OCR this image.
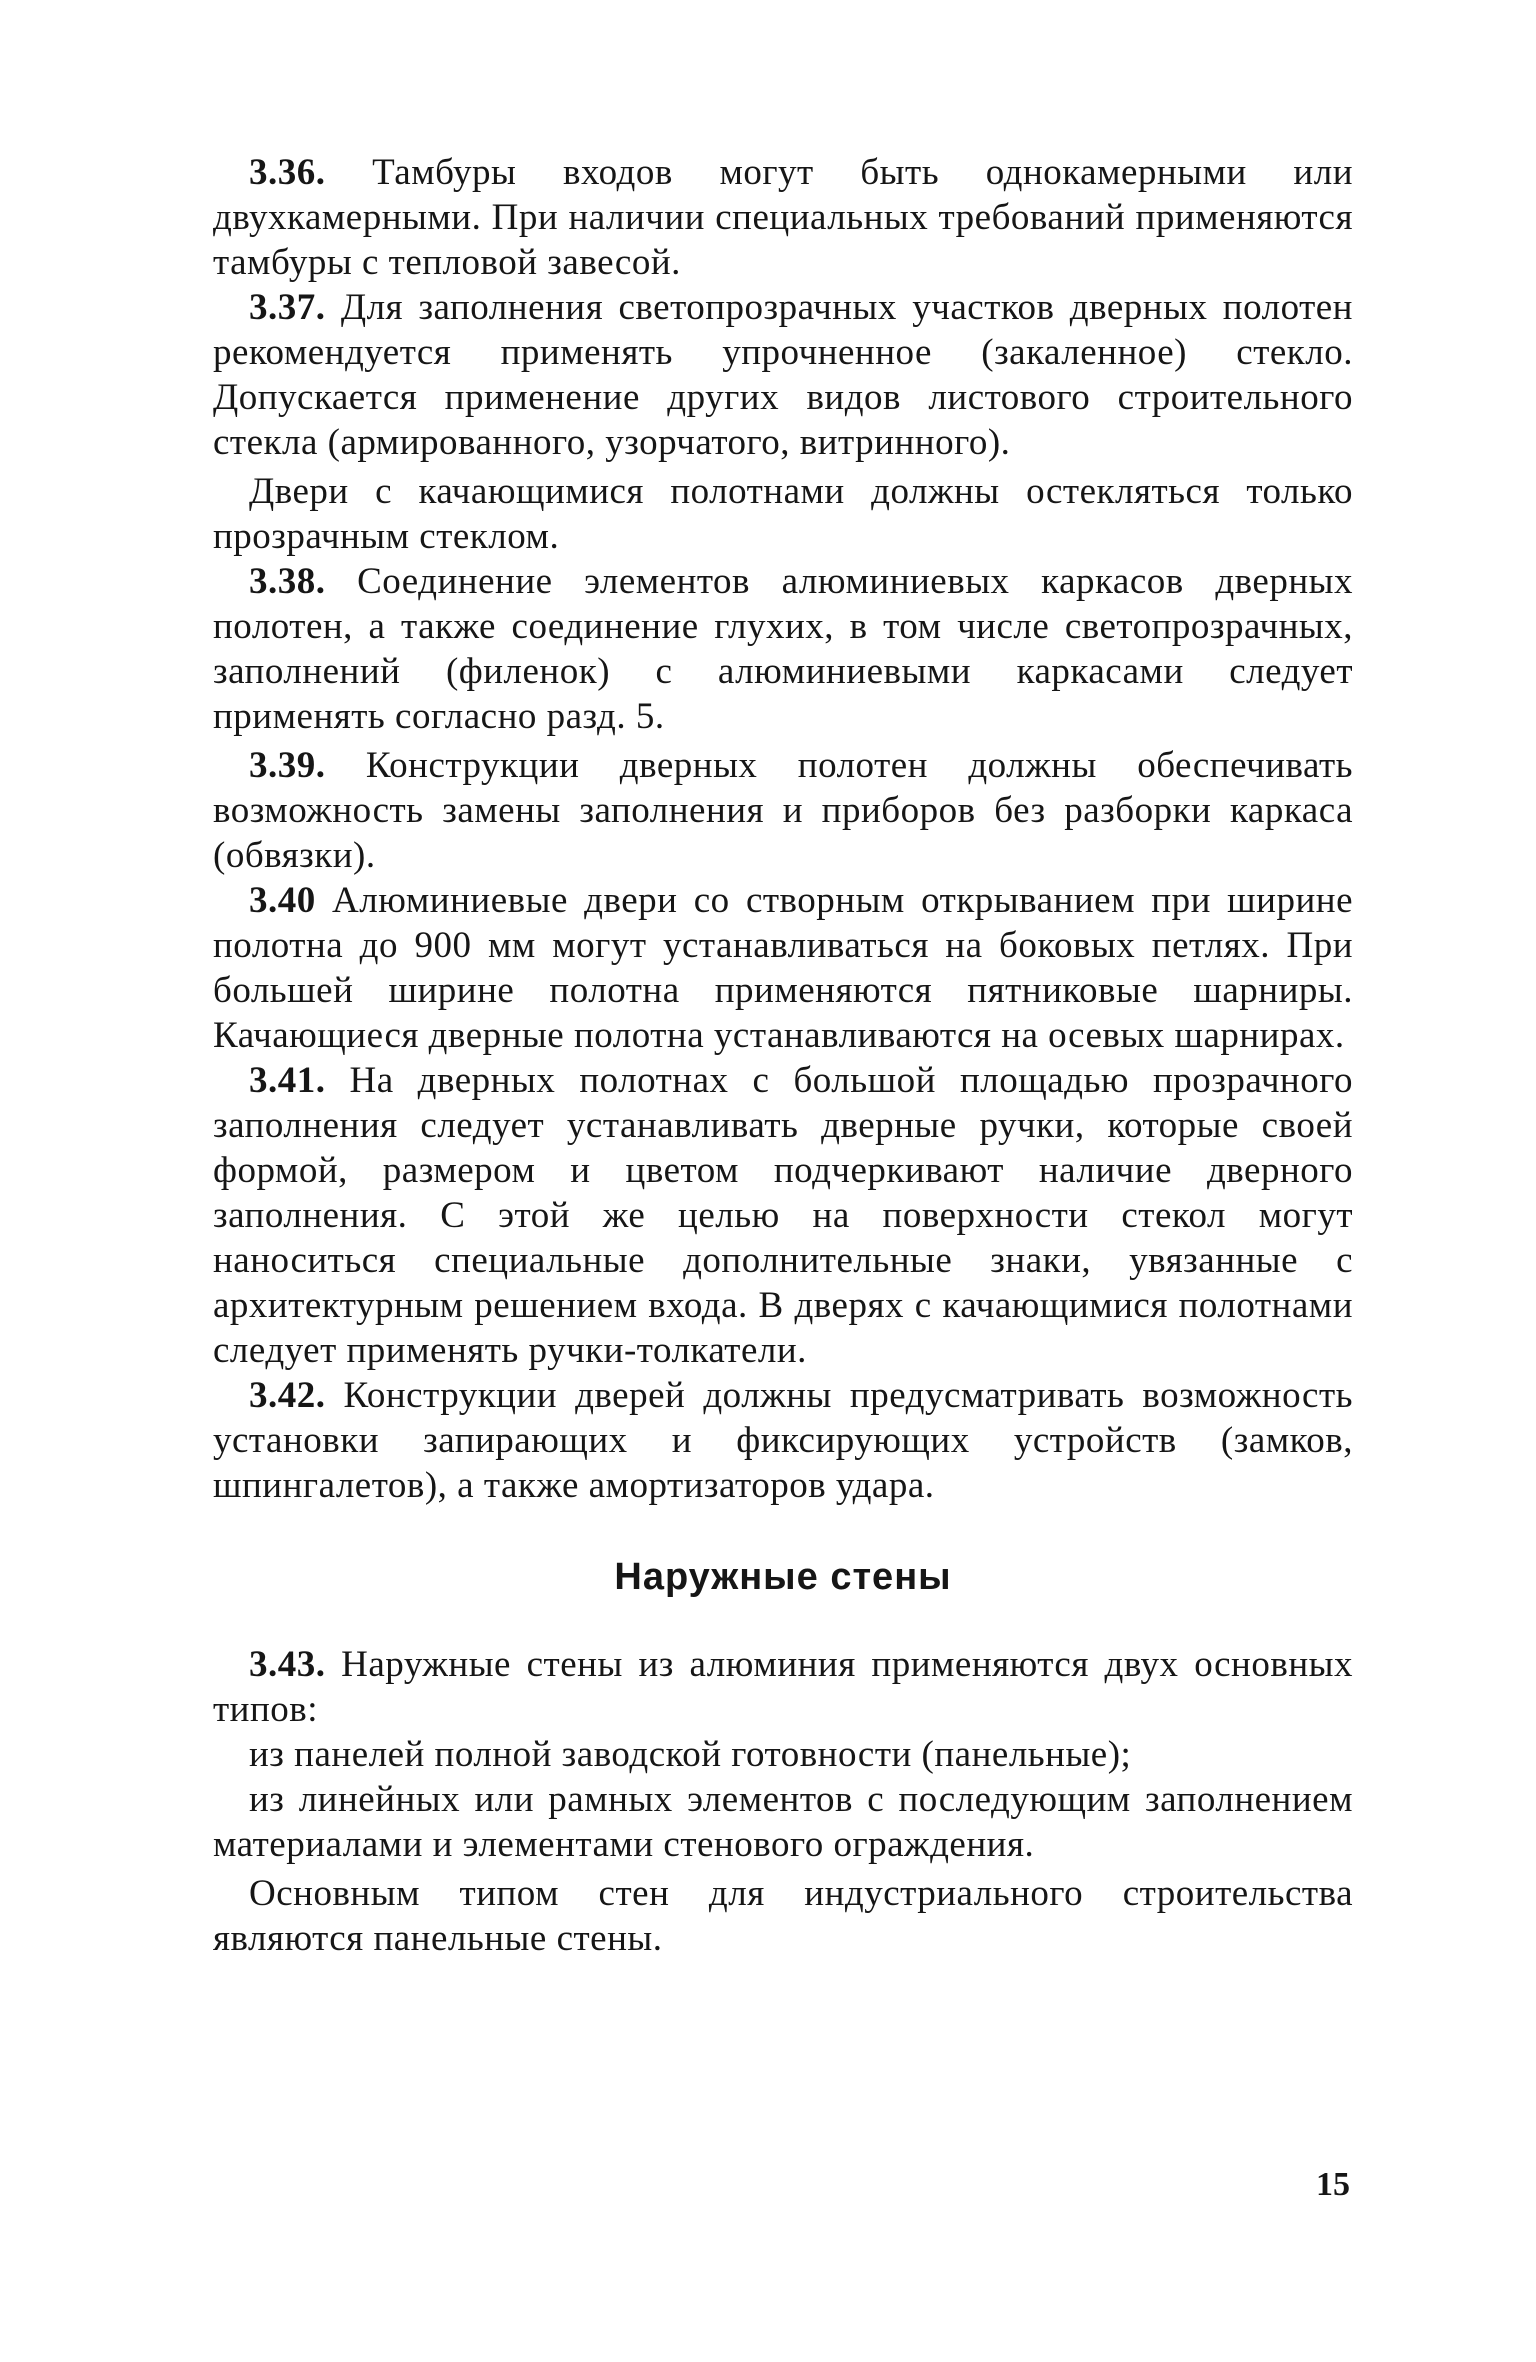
3.36. Тамбуры входов могут быть однокамерными или двухкамерными. При наличии специальных требований применяются тамбуры с тепловой завесой.

3.37. Для заполнения светопрозрачных участков дверных полотен рекомендуется применять упрочненное (закаленное) стекло. Допускается применение других видов листового строительного стекла (армированного, узорчатого, витринного).

Двери с качающимися полотнами должны остекляться только прозрачным стеклом.

3.38. Соединение элементов алюминиевых каркасов дверных полотен, а также соединение глухих, в том числе светопрозрачных, заполнений (филенок) с алюминиевыми каркасами следует применять согласно разд. 5.

3.39. Конструкции дверных полотен должны обеспечивать возможность замены заполнения и приборов без разборки каркаса (обвязки).

3.40 Алюминиевые двери со створным открыванием при ширине полотна до 900 мм могут устанавливаться на боковых петлях. При большей ширине полотна применяются пятниковые шарниры. Качающиеся дверные полотна устанавливаются на осевых шарнирах.

3.41. На дверных полотнах с большой площадью прозрачного заполнения следует устанавливать дверные ручки, которые своей формой, размером и цветом подчеркивают наличие дверного заполнения. С этой же целью на поверхности стекол могут наноситься специальные дополнительные знаки, увязанные с архитектурным решением входа. В дверях с качающимися полотнами следует применять ручки-толкатели.

3.42. Конструкции дверей должны предусматривать возможность установки запирающих и фиксирующих устройств (замков, шпингалетов), а также амортизаторов удара.

Наружные стены

3.43. Наружные стены из алюминия применяются двух основных типов:

из панелей полной заводской готовности (панельные);

из линейных или рамных элементов с последующим заполнением материалами и элементами стенового ограждения.

Основным типом стен для индустриального строительства являются панельные стены.

15
